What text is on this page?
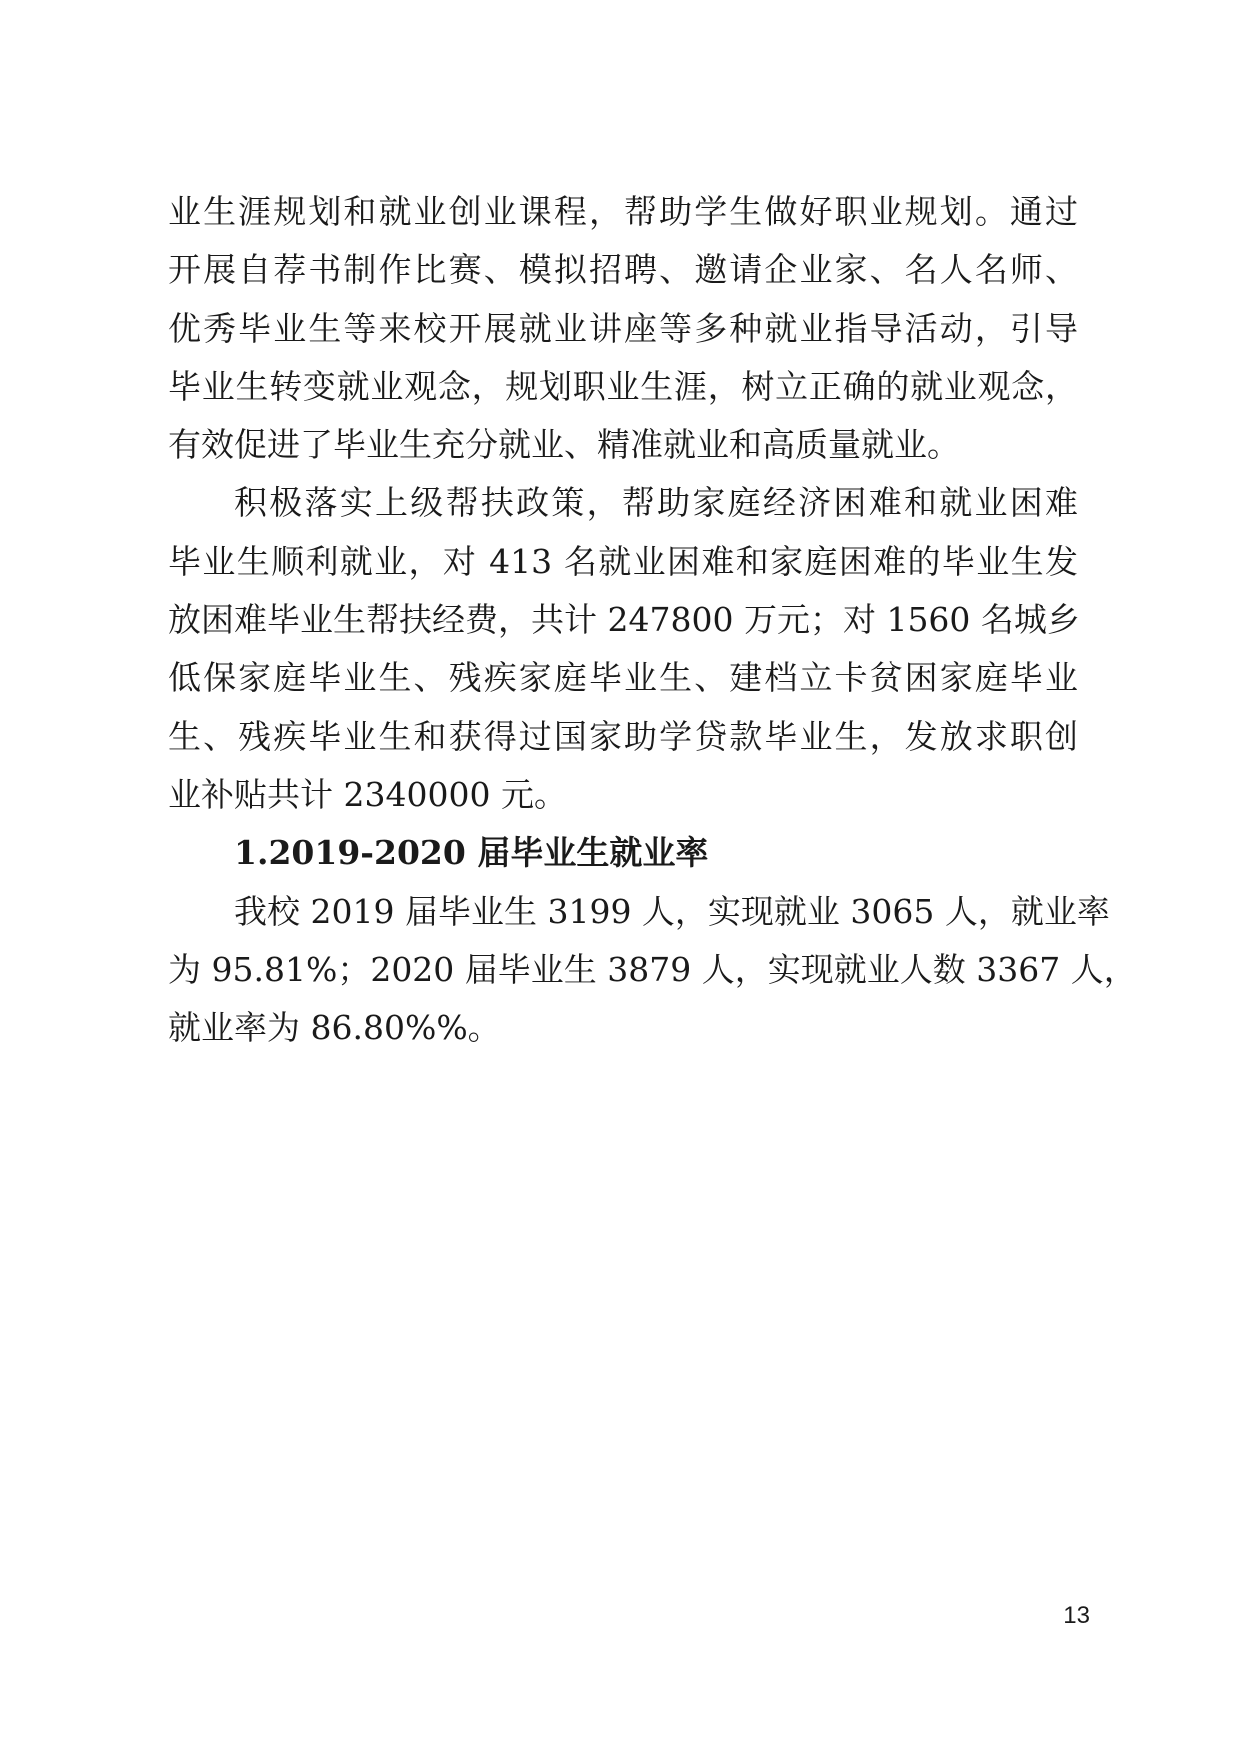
业生涯规划和就业创业课程，帮助学生做好职业规划。通过
开展自荐书制作比赛、模拟招聘、邀请企业家、名人名师、
优秀毕业生等来校开展就业讲座等多种就业指导活动，引导
毕业生转变就业观念，规划职业生涯，树立正确的就业观念，
有效促进了毕业生充分就业、精准就业和高质量就业。
积极落实上级帮扶政策，帮助家庭经济困难和就业困难
毕业生顺利就业，对 413 名就业困难和家庭困难的毕业生发
放困难毕业生帮扶经费，共计 247800 万元；对 1560 名城乡
低保家庭毕业生、残疾家庭毕业生、建档立卡贫困家庭毕业
生、残疾毕业生和获得过国家助学贷款毕业生，发放求职创
业补贴共计 2340000 元。
1.2019-2020 届毕业生就业率
我校 2019 届毕业生 3199 人，实现就业 3065 人，就业率
为 95.81%；2020 届毕业生 3879 人，实现就业人数 3367 人，
就业率为 86.80%%。
13
